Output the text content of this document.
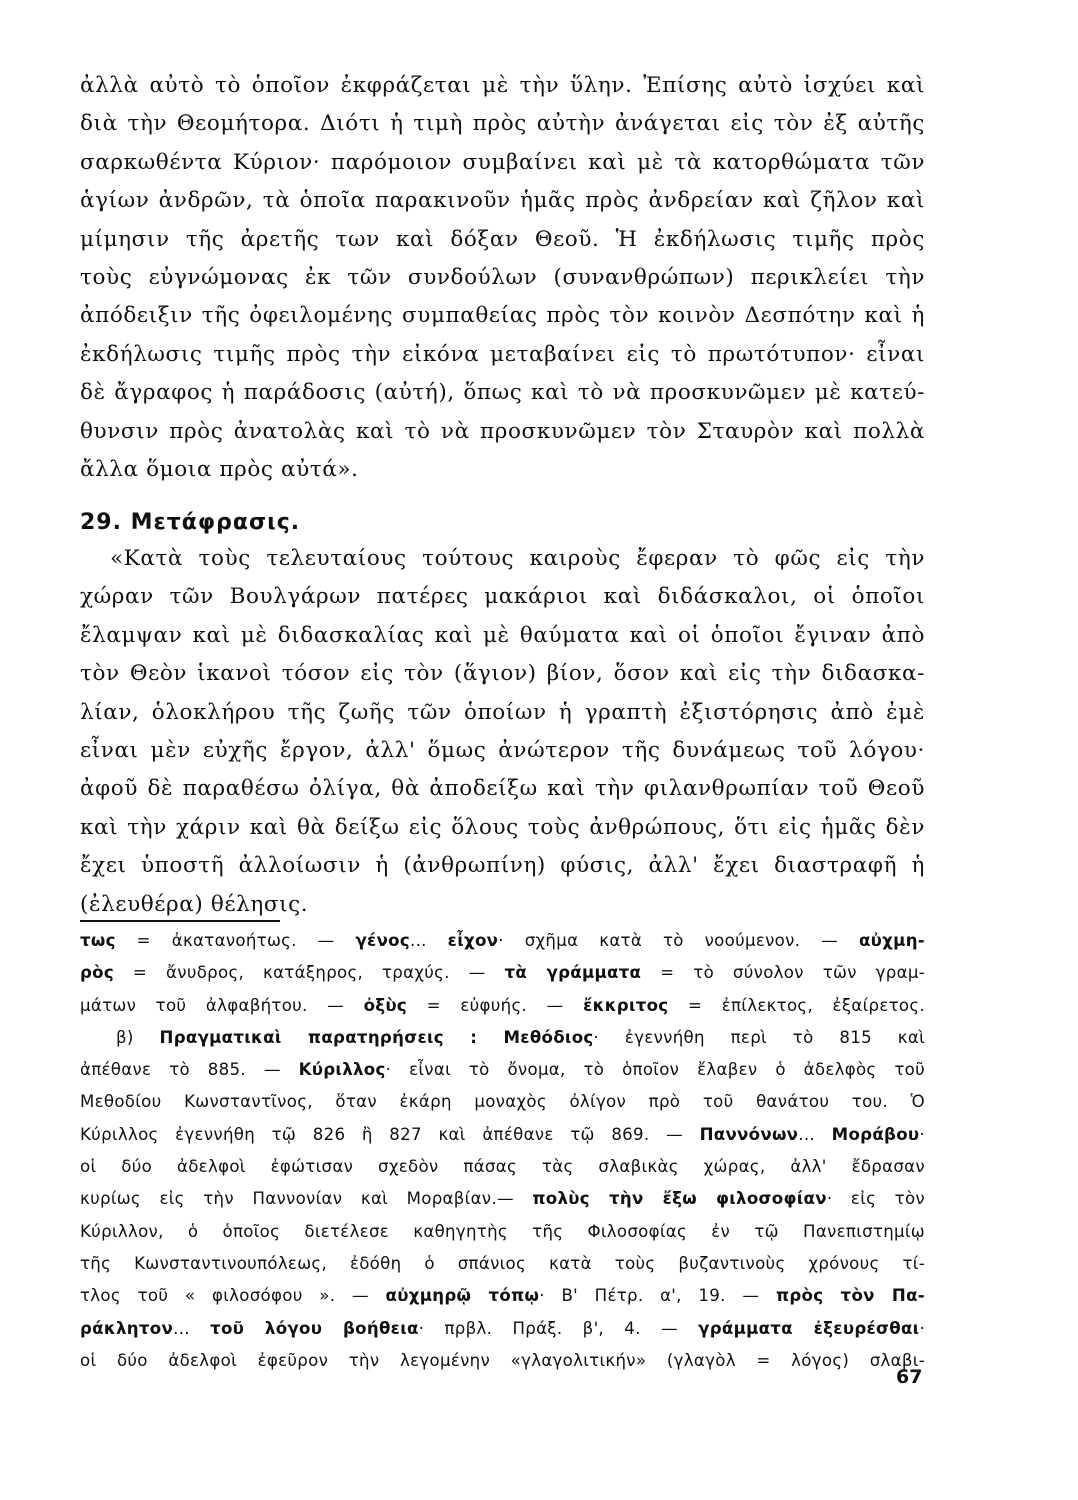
ἀλλὰ αὐτὸ τὸ ὁποῖον ἐκφράζεται μὲ τὴν ὕλην. Ἐπίσης αὐτὸ ἰσχύει καὶ
διὰ τὴν Θεομήτορα. Διότι ἡ τιμὴ πρὸς αὐτὴν ἀνάγεται εἰς τὸν ἐξ αὐτῆς
σαρκωθέντα Κύριον· παρόμοιον συμβαίνει καὶ μὲ τὰ κατορθώματα τῶν
ἁγίων ἀνδρῶν, τὰ ὁποῖα παρακινοῦν ἡμᾶς πρὸς ἀνδρείαν καὶ ζῆλον καὶ
μίμησιν τῆς ἀρετῆς των καὶ δόξαν Θεοῦ. Ἡ ἐκδήλωσις τιμῆς πρὸς
τοὺς εὐγνώμονας ἐκ τῶν συνδούλων (συνανθρώπων) περικλείει τὴν
ἀπόδειξιν τῆς ὀφειλομένης συμπαθείας πρὸς τὸν κοινὸν Δεσπότην καὶ ἡ
ἐκδήλωσις τιμῆς πρὸς τὴν εἰκόνα μεταβαίνει εἰς τὸ πρωτότυπον· εἶναι
δὲ ἄγραφος ἡ παράδοσις (αὐτή), ὅπως καὶ τὸ νὰ προσκυνῶμεν μὲ κατεύ-
θυνσιν πρὸς ἀνατολὰς καὶ τὸ νὰ προσκυνῶμεν τὸν Σταυρὸν καὶ πολλὰ
ἄλλα ὅμοια πρὸς αὐτά».
29. Μετάφρασις.
«Κατὰ τοὺς τελευταίους τούτους καιροὺς ἔφεραν τὸ φῶς εἰς τὴν
χώραν τῶν Βουλγάρων πατέρες μακάριοι καὶ διδάσκαλοι, οἱ ὁποῖοι
ἔλαμψαν καὶ μὲ διδασκαλίας καὶ μὲ θαύματα καὶ οἱ ὁποῖοι ἔγιναν ἀπὸ
τὸν Θεὸν ἱκανοὶ τόσον εἰς τὸν (ἅγιον) βίον, ὅσον καὶ εἰς τὴν διδασκα-
λίαν, ὁλοκλήρου τῆς ζωῆς τῶν ὁποίων ἡ γραπτὴ ἐξιστόρησις ἀπὸ ἐμὲ
εἶναι μὲν εὐχῆς ἔργον, ἀλλ' ὅμως ἀνώτερον τῆς δυνάμεως τοῦ λόγου·
ἀφοῦ δὲ παραθέσω ὀλίγα, θὰ ἀποδείξω καὶ τὴν φιλανθρωπίαν τοῦ Θεοῦ
καὶ τὴν χάριν καὶ θὰ δείξω εἰς ὅλους τοὺς ἀνθρώπους, ὅτι εἰς ἡμᾶς δὲν
ἔχει ὑποστῆ ἀλλοίωσιν ἡ (ἀνθρωπίνη) φύσις, ἀλλ' ἔχει διαστραφῆ ἡ
(ἐλευθέρα) θέλησις.
τως = ἀκατανοήτως. — γένος... εἶχον· σχῆμα κατὰ τὸ νοούμενον. — αὐχμη-
ρὸς = ἄνυδρος, κατάξηρος, τραχύς. — τὰ γράμματα = τὸ σύνολον τῶν γραμ-
μάτων τοῦ ἀλφαβήτου. — ὀξὺς = εὐφυής. — ἔκκριτος = ἐπίλεκτος, ἐξαίρετος.
β) Πραγματικαὶ παρατηρήσεις : Μεθόδιος· ἐγεννήθη περὶ τὸ 815 καὶ
ἀπέθανε τὸ 885. — Κύριλλος· εἶναι τὸ ὄνομα, τὸ ὁποῖον ἔλαβεν ὁ ἀδελφὸς τοῦ
Μεθοδίου Κωνσταντῖνος, ὅταν ἐκάρη μοναχὸς ὀλίγον πρὸ τοῦ θανάτου του. Ὁ
Κύριλλος ἐγεννήθη τῷ 826 ἢ 827 καὶ ἀπέθανε τῷ 869. — Παννόνων... Μοράβου·
οἱ δύο ἀδελφοὶ ἐφώτισαν σχεδὸν πάσας τὰς σλαβικὰς χώρας, ἀλλ' ἔδρασαν
κυρίως εἰς τὴν Παννονίαν καὶ Μοραβίαν.— πολὺς τὴν ἔξω φιλοσοφίαν· εἰς τὸν
Κύριλλον, ὁ ὁποῖος διετέλεσε καθηγητὴς τῆς Φιλοσοφίας ἐν τῷ Πανεπιστημίῳ
τῆς Κωνσταντινουπόλεως, ἐδόθη ὁ σπάνιος κατὰ τοὺς βυζαντινοὺς χρόνους τί-
τλος τοῦ « φιλοσόφου ». — αὐχμηρῷ τόπῳ· Β' Πέτρ. α', 19. — πρὸς τὸν Πα-
ράκλητον... τοῦ λόγου βοήθεια· πρβλ. Πράξ. β', 4. — γράμματα ἐξευρέσθαι·
οἱ δύο ἀδελφοὶ ἐφεῦρον τὴν λεγομένην «γλαγολιτικήν» (γλαγὸλ = λόγος) σλαβι-
67
